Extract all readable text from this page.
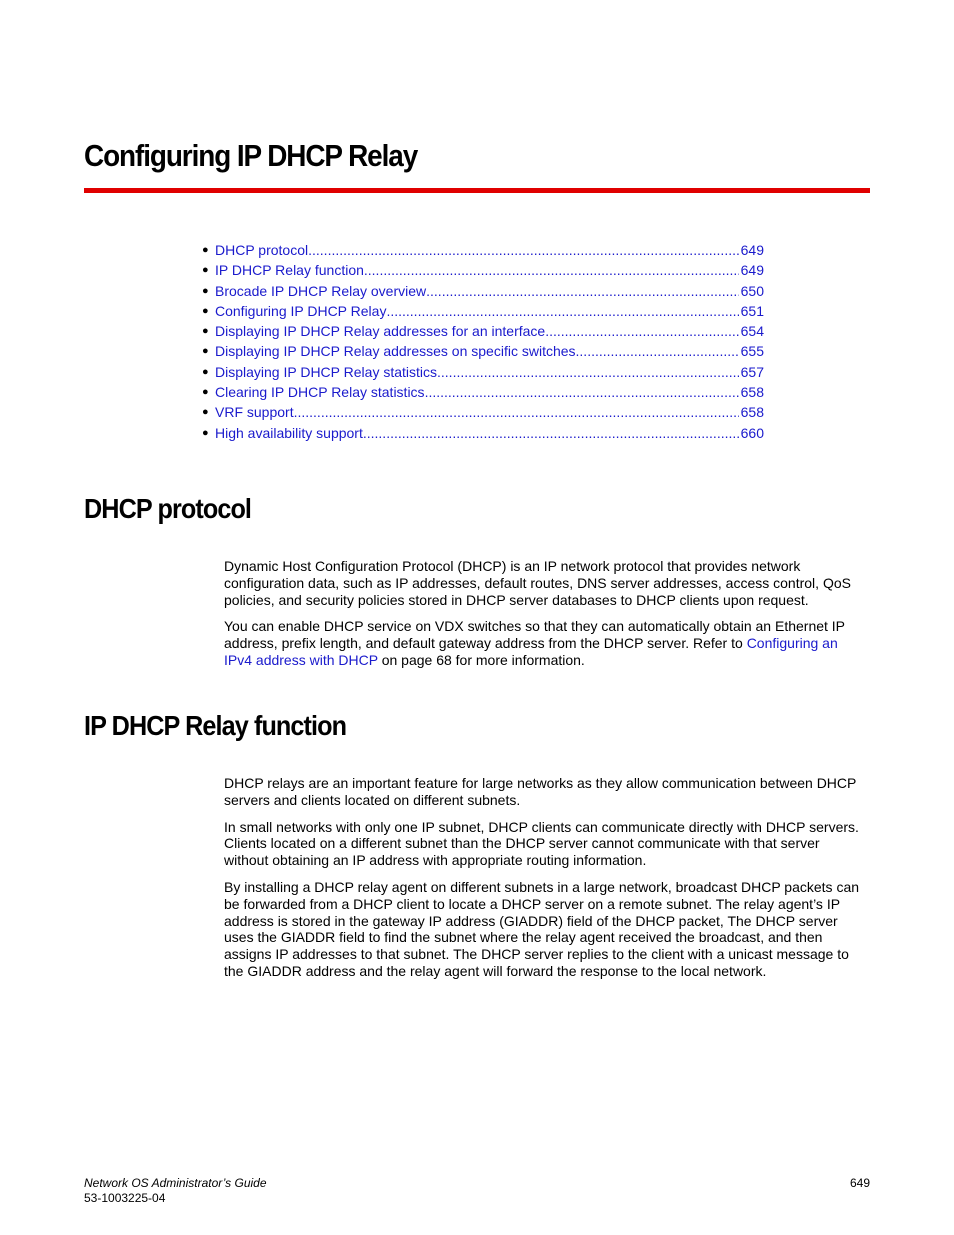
Configuring IP DHCP Relay
● DHCP protocol .....	649
● IP DHCP Relay function .....	649
● Brocade IP DHCP Relay overview .....	650
● Configuring IP DHCP Relay .....	651
● Displaying IP DHCP Relay addresses for an interface .....	654
● Displaying IP DHCP Relay addresses on specific switches .....	655
● Displaying IP DHCP Relay statistics .....	657
● Clearing IP DHCP Relay statistics .....	658
● VRF support .....	658
● High availability support .....	660
DHCP protocol

Dynamic Host Configuration Protocol (DHCP) is an IP network protocol that provides network configuration data, such as IP addresses, default routes, DNS server addresses, access control, QoS policies, and security policies stored in DHCP server databases to DHCP clients upon request.

You can enable DHCP service on VDX switches so that they can automatically obtain an Ethernet IP address, prefix length, and default gateway address from the DHCP server. Refer to Configuring an IPv4 address with DHCP on page 68 for more information.

IP DHCP Relay function

DHCP relays are an important feature for large networks as they allow communication between DHCP servers and clients located on different subnets.

In small networks with only one IP subnet, DHCP clients can communicate directly with DHCP servers. Clients located on a different subnet than the DHCP server cannot communicate with that server without obtaining an IP address with appropriate routing information.

By installing a DHCP relay agent on different subnets in a large network, broadcast DHCP packets can be forwarded from a DHCP client to locate a DHCP server on a remote subnet. The relay agent’s IP address is stored in the gateway IP address (GIADDR) field of the DHCP packet, The DHCP server uses the GIADDR field to find the subnet where the relay agent received the broadcast, and then assigns IP addresses to that subnet. The DHCP server replies to the client with a unicast message to the GIADDR address and the relay agent will forward the response to the local network.

Network OS Administrator’s Guide
53-1003225-04
649
